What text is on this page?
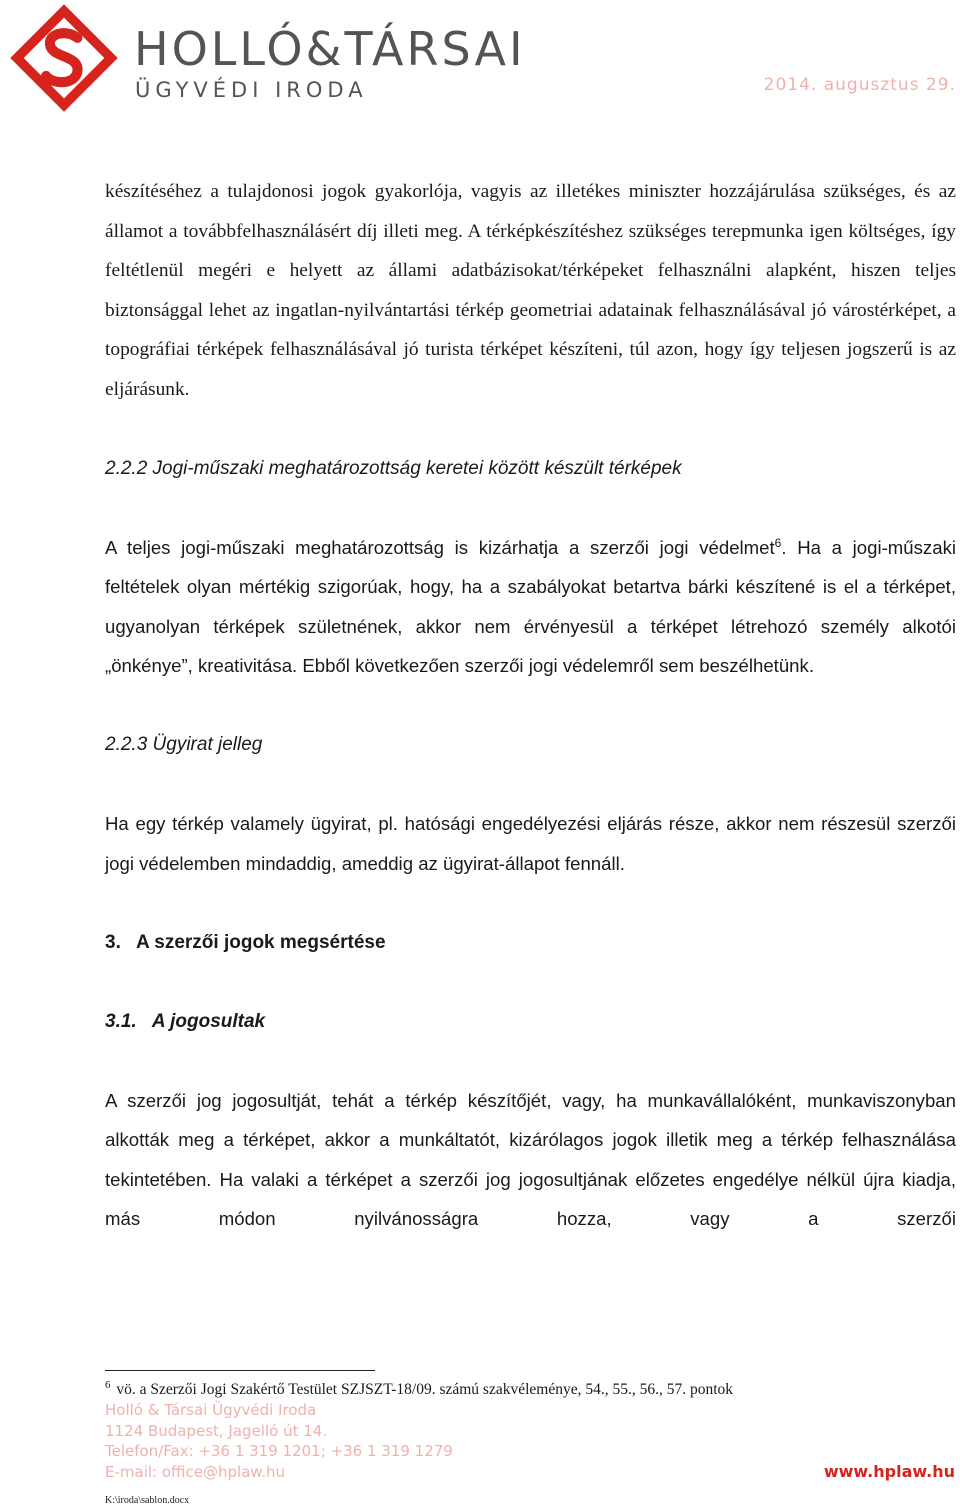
HOLLÓ&TÁRSAI
ÜGYVÉDI IRODA	2014. augusztus 29.

készítéséhez a tulajdonosi jogok gyakorlója, vagyis az illetékes miniszter hozzájárulása szükséges, és az államot a továbbfelhasználásért díj illeti meg. A térképkészítéshez szükséges terepmunka igen költséges, így feltétlenül megéri e helyett az állami adatbázisokat/térképeket felhasználni alapként, hiszen teljes biztonsággal lehet az ingatlan-nyilvántartási térkép geometriai adatainak felhasználásával jó várostérképet, a topográfiai térképek felhasználásával jó turista térképet készíteni, túl azon, hogy így teljesen jogszerű is az eljárásunk.

2.2.2 Jogi-műszaki meghatározottság keretei között készült térképek

A teljes jogi-műszaki meghatározottság is kizárhatja a szerzői jogi védelmet$^6$. Ha a jogi-műszaki feltételek olyan mértékig szigorúak, hogy, ha a szabályokat betartva bárki készítené is el a térképet, ugyanolyan térképek születnének, akkor nem érvényesül a térképet létrehozó személy alkotói „önkénye”, kreativitása. Ebből következően szerzői jogi védelemről sem beszélhetünk.

2.2.3 Ügyirat jelleg

Ha egy térkép valamely ügyirat, pl. hatósági engedélyezési eljárás része, akkor nem részesül szerzői jogi védelemben mindaddig, ameddig az ügyirat-állapot fennáll.

3.   A szerzői jogok megsértése

3.1.   A jogosultak

A szerzői jog jogosultját, tehát a térkép készítőjét, vagy, ha munkavállalóként, munkaviszonyban alkották meg a térképet, akkor a munkáltatót, kizárólagos jogok illetik meg a térkép felhasználása tekintetében. Ha valaki a térképet a szerzői jog jogosultjának előzetes engedélye nélkül újra kiadja, más módon nyilvánosságra hozza, vagy a szerzői

$^6$ vö. a Szerzői Jogi Szakértő Testület SZJSZT-18/09. számú szakvéleménye, 54., 55., 56., 57. pontok
Holló & Társai Ügyvédi Iroda
1124 Budapest, Jagelló út 14.
Telefon/Fax: +36 1 319 1201; +36 1 319 1279
E-mail: office@hplaw.hu	www.hplaw.hu
K:\iroda\sablon.docx
